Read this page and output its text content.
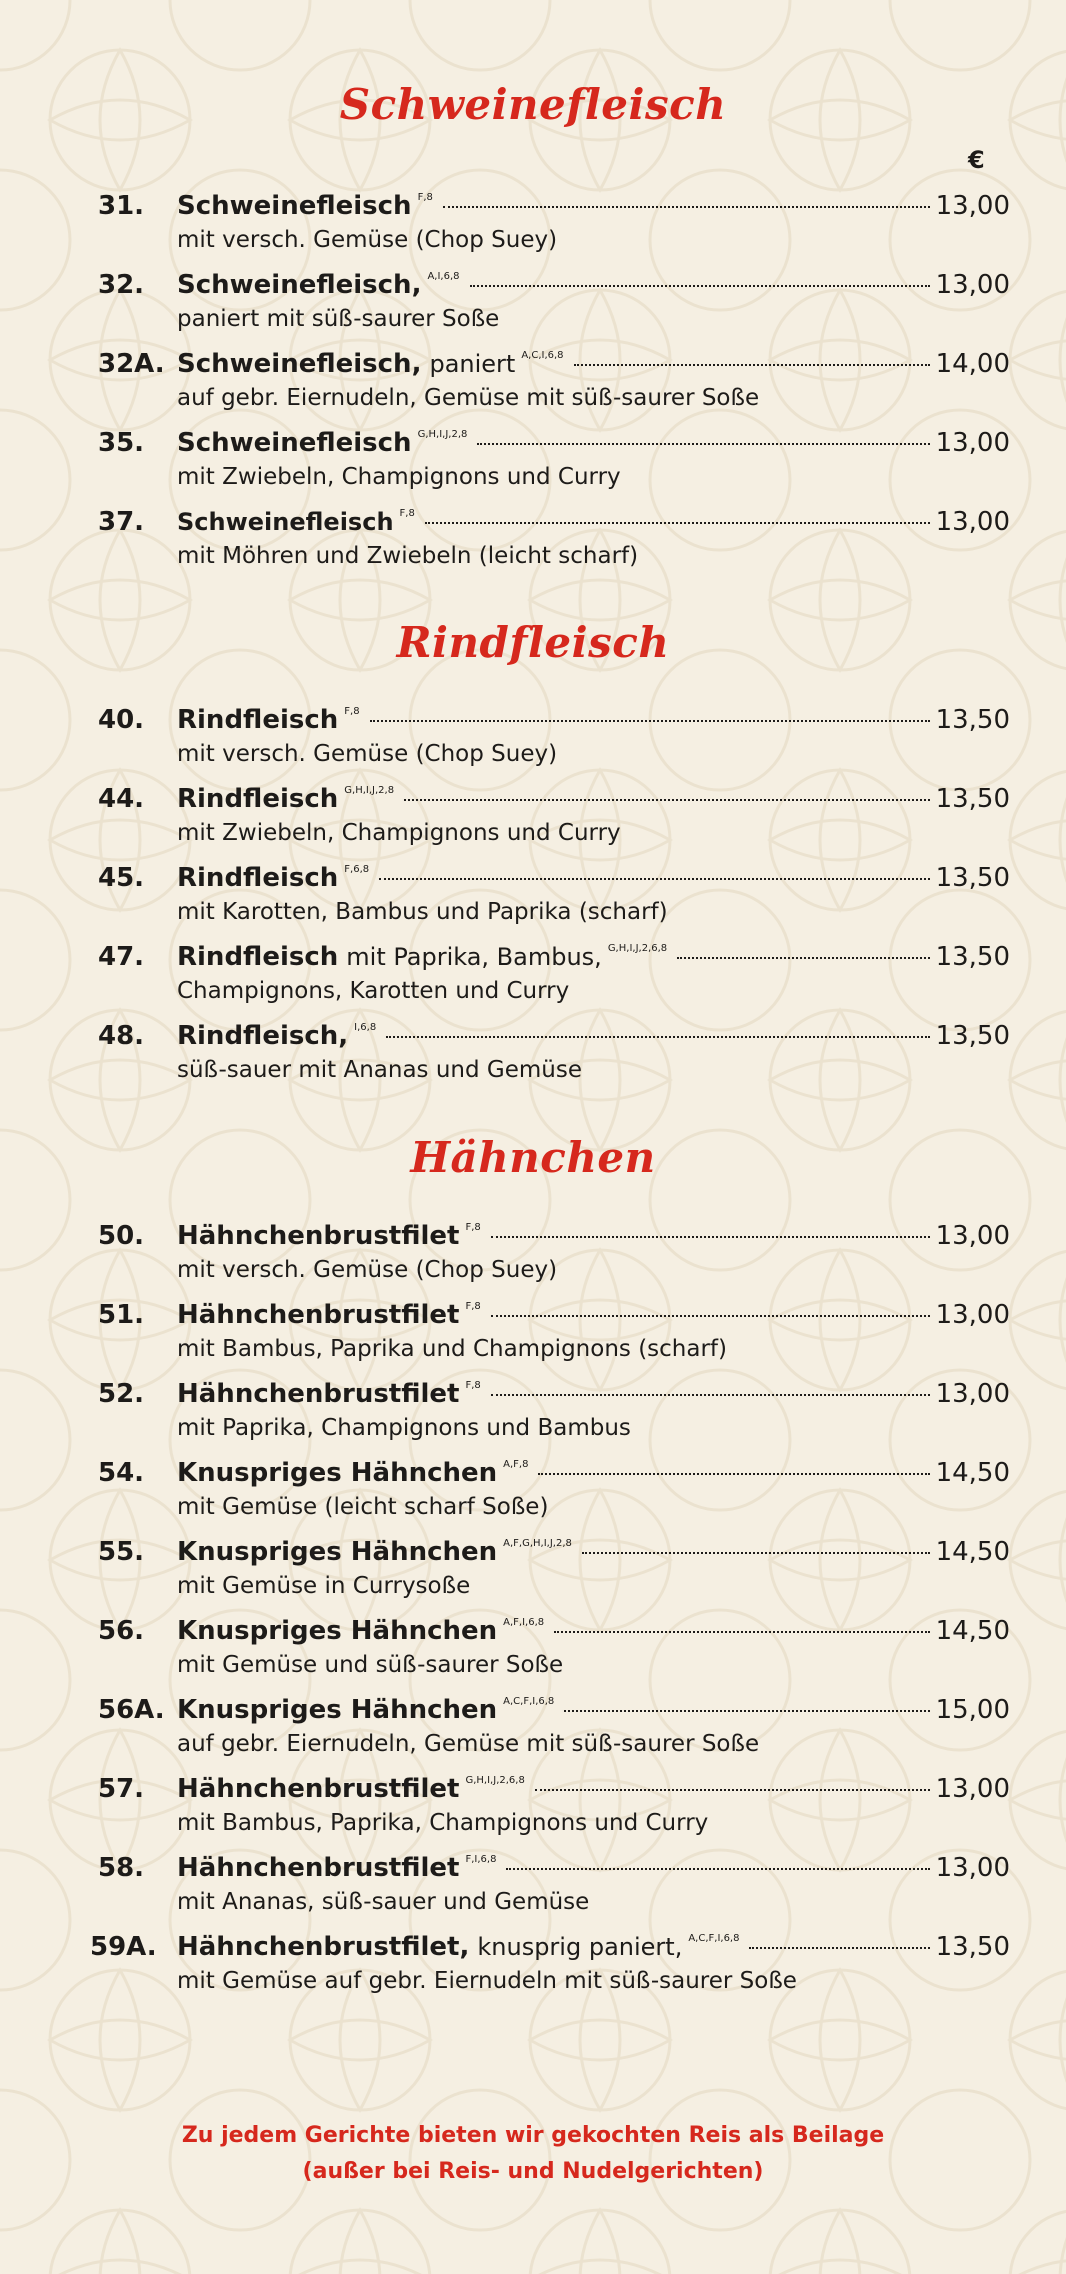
Schweinefleisch
€
31. Schweinefleisch F,8	13,00
mit versch. Gemüse (Chop Suey)
32. Schweinefleisch, A,I,6,8	13,00
paniert mit süß-saurer Soße
32A. Schweinefleisch, paniert A,C,I,6,8	14,00
auf gebr. Eiernudeln, Gemüse mit süß-saurer Soße
35. Schweinefleisch G,H,I,J,2,8	13,00
mit Zwiebeln, Champignons und Curry
37. Schweinefleisch F,8	13,00
mit Möhren und Zwiebeln (leicht scharf)
Rindfleisch
40. Rindfleisch F,8	13,50
mit versch. Gemüse (Chop Suey)
44. Rindfleisch G,H,I,J,2,8	13,50
mit Zwiebeln, Champignons und Curry
45. Rindfleisch F,6,8	13,50
mit Karotten, Bambus und Paprika (scharf)
47. Rindfleisch mit Paprika, Bambus, G,H,I,J,2,6,8	13,50
Champignons, Karotten und Curry
48. Rindfleisch, I,6,8	13,50
süß-sauer mit Ananas und Gemüse
Hähnchen
50. Hähnchenbrustfilet F,8	13,00
mit versch. Gemüse (Chop Suey)
51. Hähnchenbrustfilet F,8	13,00
mit Bambus, Paprika und Champignons (scharf)
52. Hähnchenbrustfilet F,8	13,00
mit Paprika, Champignons und Bambus
54. Knuspriges Hähnchen A,F,8	14,50
mit Gemüse (leicht scharf Soße)
55. Knuspriges Hähnchen A,F,G,H,I,J,2,8	14,50
mit Gemüse in Currysoße
56. Knuspriges Hähnchen A,F,I,6,8	14,50
mit Gemüse und süß-saurer Soße
56A. Knuspriges Hähnchen A,C,F,I,6,8	15,00
auf gebr. Eiernudeln, Gemüse mit süß-saurer Soße
57. Hähnchenbrustfilet G,H,I,J,2,6,8	13,00
mit Bambus, Paprika, Champignons und Curry
58. Hähnchenbrustfilet F,I,6,8	13,00
mit Ananas, süß-sauer und Gemüse
59A. Hähnchenbrustfilet, knusprig paniert, A,C,F,I,6,8	13,50
mit Gemüse auf gebr. Eiernudeln mit süß-saurer Soße
Zu jedem Gerichte bieten wir gekochten Reis als Beilage
(außer bei Reis- und Nudelgerichten)
